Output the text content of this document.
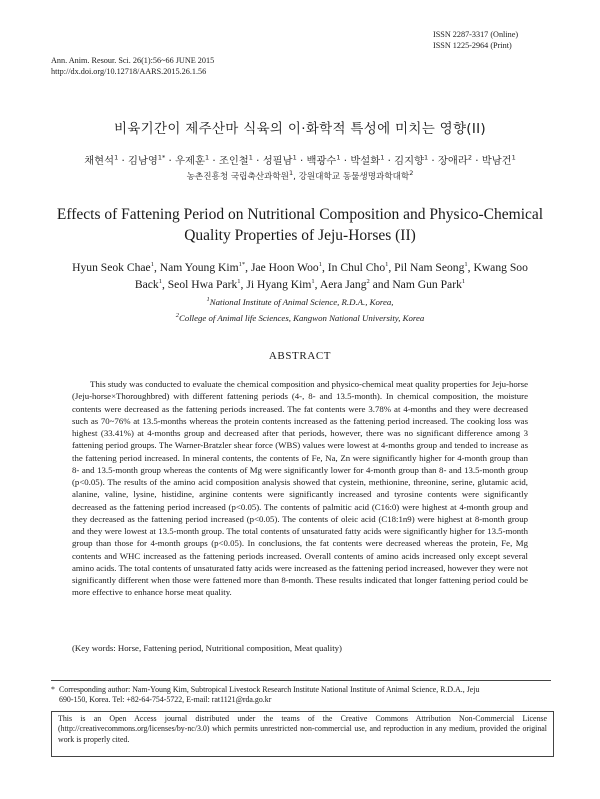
Ann. Anim. Resour. Sci. 26(1):56~66 JUNE 2015
http://dx.doi.org/10.12718/AARS.2015.26.1.56
ISSN 2287-3317 (Online)
ISSN 1225-2964 (Print)
비육기간이 제주산마 식육의 이·화학적 특성에 미치는 영향(II)
채현석$^1$ · 김남영$^{1*}$ · 우제훈$^1$ · 조인철$^1$ · 성필남$^1$ · 백광수$^1$ · 박설화$^1$ · 김지향$^1$ · 장애라$^2$ · 박남건$^1$
농촌진흥청 국립축산과학원$^1$, 강원대학교 동물생명과학대학$^2$
Effects of Fattening Period on Nutritional Composition and Physico-Chemical
Quality Properties of Jeju-Horses (II)
Hyun Seok Chae$^1$, Nam Young Kim$^{1*}$, Jae Hoon Woo$^1$, In Chul Cho$^1$, Pil Nam Seong$^1$, Kwang Soo
Back$^1$, Seol Hwa Park$^1$, Ji Hyang Kim$^1$, Aera Jang$^2$ and Nam Gun Park$^1$
$^1$National Institute of Animal Science, R.D.A., Korea,
$^2$College of Animal life Sciences, Kangwon National University, Korea
ABSTRACT

This study was conducted to evaluate the chemical composition and physico-chemical meat quality properties for Jeju-horse (Jeju-horse×Thoroughbred) with different fattening periods (4-, 8- and 13.5-month). In chemical composition, the moisture contents were decreased as the fattening periods increased. The fat contents were 3.78% at 4-months and they were decreased such as 70~76% at 13.5-months whereas the protein contents increased as the fattening period increased. The cooking loss was highest (33.41%) at 4-months group and decreased after that periods, however, there was no significant difference among 3 fattening period groups. The Warner-Bratzler shear force (WBS) values were lowest at 4-months group and tended to increase as the fattening period increased. In mineral contents, the contents of Fe, Na, Zn were significantly higher for 4-month group than 8- and 13.5-month group whereas the contents of Mg were significantly lower for 4-month group than 8- and 13.5-month group (p<0.05). The results of the amino acid composition analysis showed that cystein, methionine, threonine, serine, glutamic acid, alanine, valine, lysine, histidine, arginine contents were significantly increased and tyrosine contents were significantly decreased as the fattening period increased (p<0.05). The contents of palmitic acid (C16:0) were highest at 4-month group and they decreased as the fattening period increased (p<0.05). The contents of oleic acid (C18:1n9) were highest at 8-month group and they were lowest at 13.5-month group. The total contents of unsaturated fatty acids were significantly higher for 13.5-month group than those for 4-month groups (p<0.05). In conclusions, the fat contents were decreased whereas the protein, Fe, Mg contents and WHC increased as the fattening periods increased. Overall contents of amino acids increased only except several amino acids. The total contents of unsaturated fatty acids were increased as the fattening period increased, however they were not significantly different when those were fattened more than 8-month. These results indicated that longer fattening period could be more effective to enhance horse meat quality.

(Key words: Horse, Fattening period, Nutritional composition, Meat quality)

* Corresponding author: Nam-Young Kim, Subtropical Livestock Research Institute National Institute of Animal Science, R.D.A., Jeju
690-150, Korea. Tel: +82-64-754-5722, E-mail: rat1121@rda.go.kr

This is an Open Access journal distributed under the teams of the Creative Commons Attribution Non-Commercial License (http://creativecommons.org/licenses/by-nc/3.0) which permits unrestricted non-commercial use, and reproduction in any medium, provided the original work is properly cited.
